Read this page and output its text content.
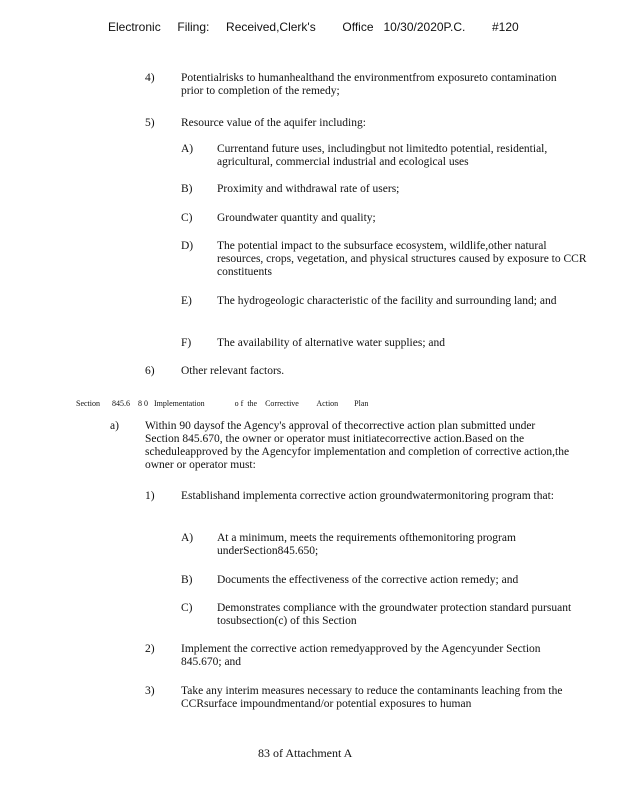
Electronic     Filing:     Received,Clerk's        Office   10/30/2020P.C.        #120
4)	Potentialrisks to humanhealthand the environmentfrom exposureto contamination prior to completion of the remedy;
5)	Resource value of the aquifer including:
A)	Currentand future uses, includingbut not limitedto potential, residential, agricultural, commercial industrial and ecological uses
B)	Proximity and withdrawal rate of users;
C)	Groundwater quantity and quality;
D)	The potential impact to the subsurface ecosystem, wildlife,other natural resources, crops, vegetation, and physical structures caused by exposure to CCR constituents
E)	The hydrogeologic characteristic of the facility and surrounding land; and
F)	The availability of alternative water supplies; and
6)	Other relevant factors.
Section      845.6    8 0   Implementation               o f  the    Corrective         Action        Plan
a)	Within 90 daysof the Agency's approval of thecorrective action plan submitted under Section 845.670, the owner or operator must initiatecorrective action.Based on the scheduleapproved by the Agencyfor implementation and completion of corrective action,the owner or operator must:
1)	Establishand implementa corrective action groundwatermonitoring program that:
A)	At a minimum, meets the requirements ofthemonitoring program underSection845.650;
B)	Documents the effectiveness of the corrective action remedy; and
C)	Demonstrates compliance with the groundwater protection standard pursuant tosubsection(c) of this Section
2)	Implement the corrective action remedyapproved by the Agencyunder Section 845.670; and
3)	Take any interim measures necessary to reduce the contaminants leaching from the CCRsurface impoundmentand/or potential exposures to human
83 of Attachment A
